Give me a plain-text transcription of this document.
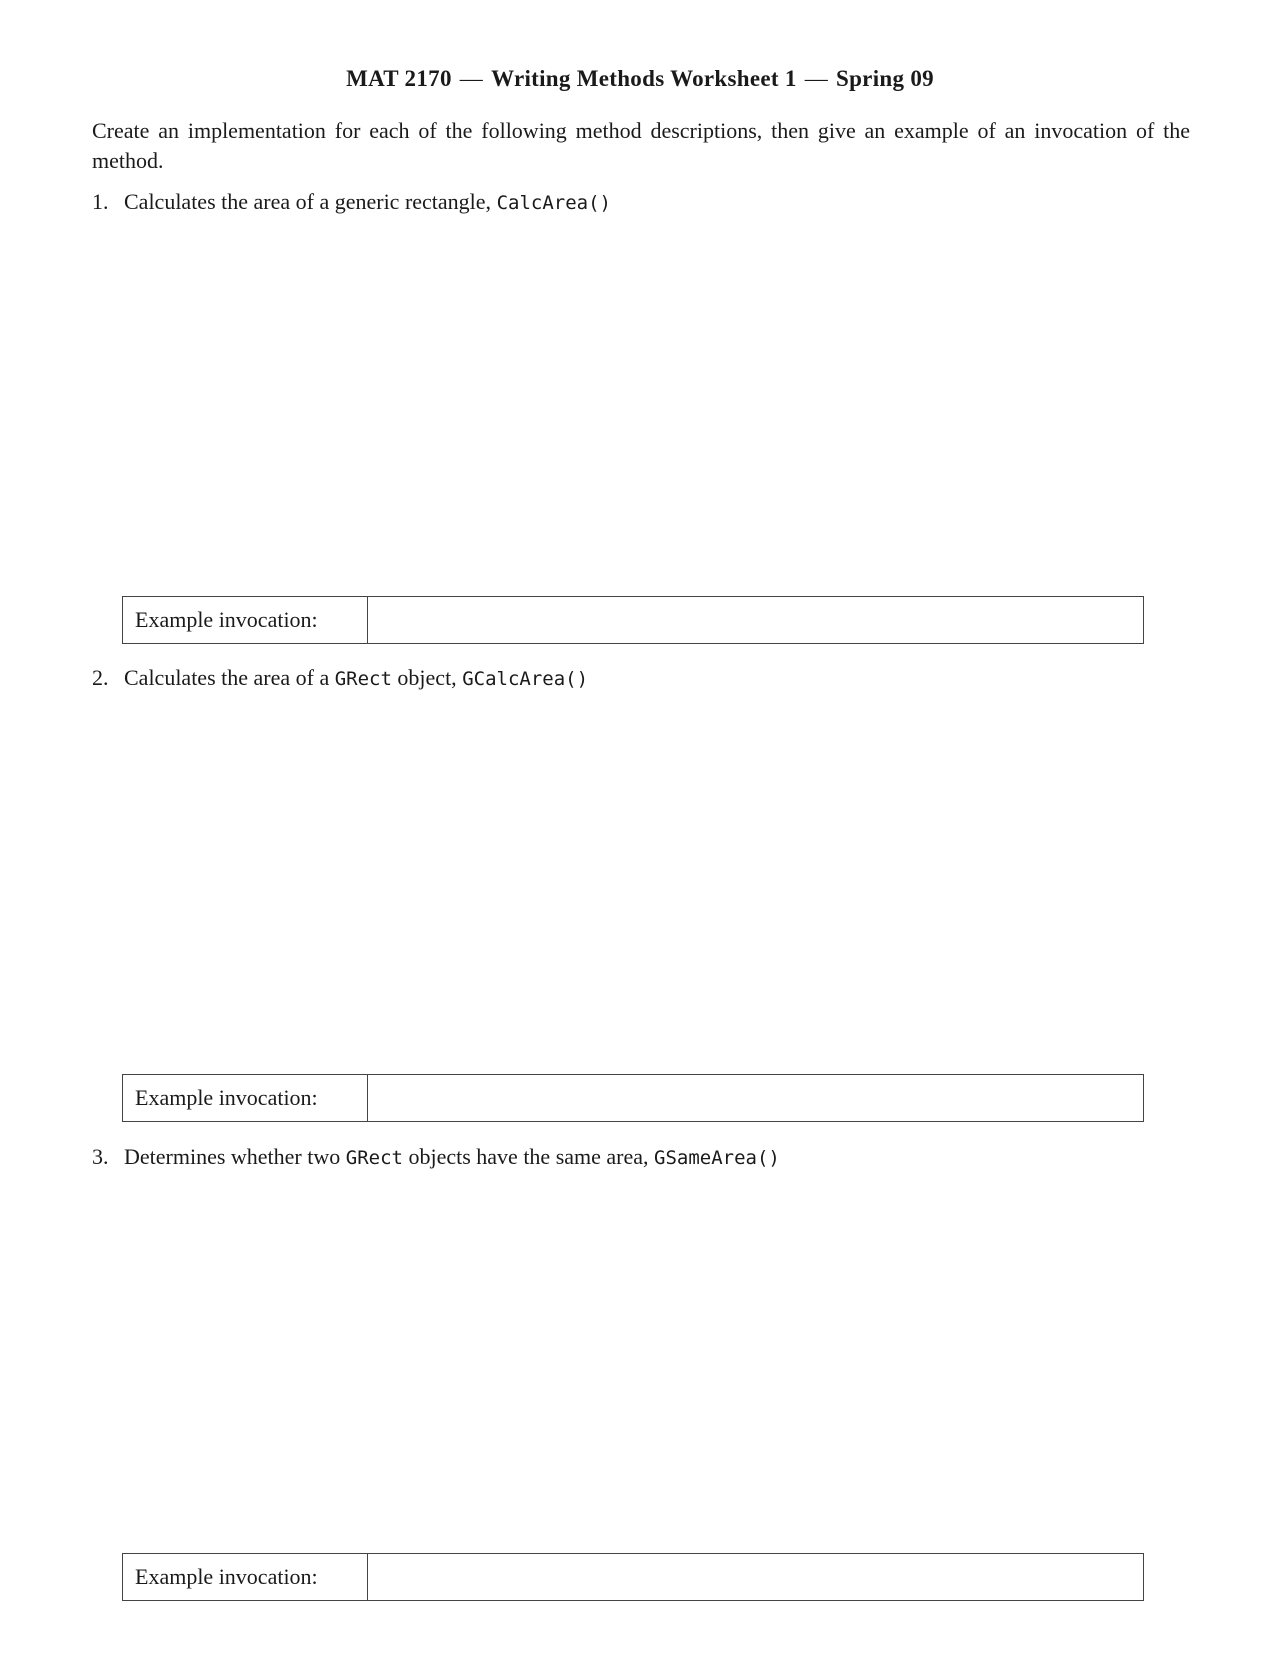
MAT 2170 — Writing Methods Worksheet 1 — Spring 09
Create an implementation for each of the following method descriptions, then give an example of an invocation of the method.
1. Calculates the area of a generic rectangle, CalcArea()
Example invocation:
2. Calculates the area of a GRect object, GCalcArea()
Example invocation:
3. Determines whether two GRect objects have the same area, GSameArea()
Example invocation:
